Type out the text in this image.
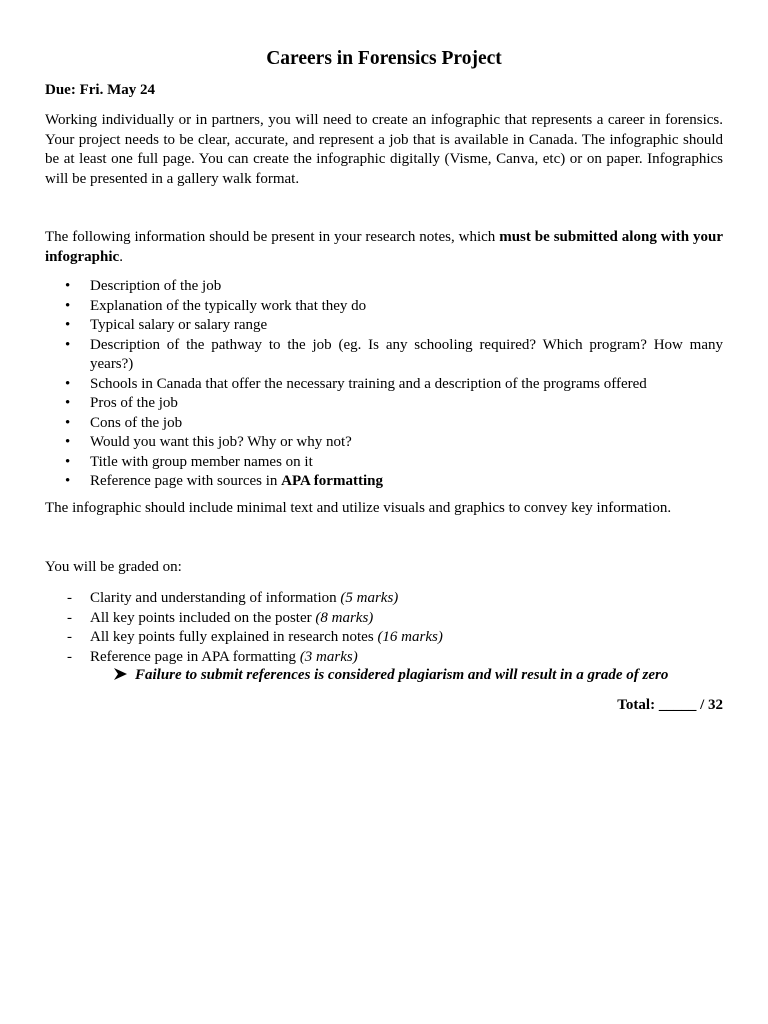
Careers in Forensics Project

Due: Fri. May 24

Working individually or in partners, you will need to create an infographic that represents a career in forensics. Your project needs to be clear, accurate, and represent a job that is available in Canada. The infographic should be at least one full page. You can create the infographic digitally (Visme, Canva, etc) or on paper. Infographics will be presented in a gallery walk format.

The following information should be present in your research notes, which must be submitted along with your infographic.

• Description of the job
• Explanation of the typically work that they do
• Typical salary or salary range
• Description of the pathway to the job (eg. Is any schooling required? Which program? How many years?)
• Schools in Canada that offer the necessary training and a description of the programs offered
• Pros of the job
• Cons of the job
• Would you want this job? Why or why not?
• Title with group member names on it
• Reference page with sources in APA formatting

The infographic should include minimal text and utilize visuals and graphics to convey key information.

You will be graded on:

- Clarity and understanding of information (5 marks)
- All key points included on the poster (8 marks)
- All key points fully explained in research notes (16 marks)
- Reference page in APA formatting (3 marks)

Failure to submit references is considered plagiarism and will result in a grade of zero

Total: _____ / 32
